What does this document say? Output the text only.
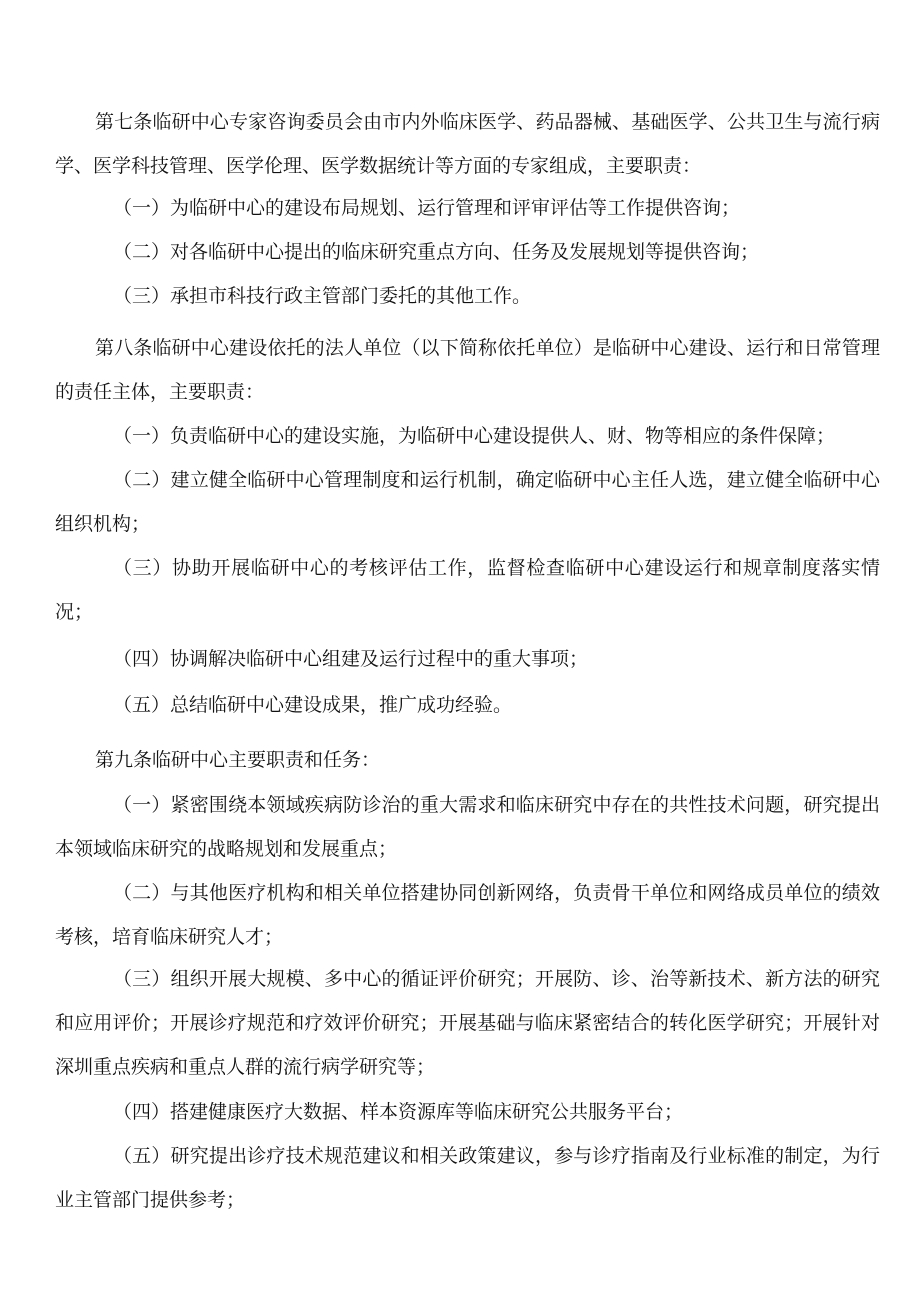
第七条临研中心专家咨询委员会由市内外临床医学、药品器械、基础医学、公共卫生与流行病学、医学科技管理、医学伦理、医学数据统计等方面的专家组成，主要职责：

（一）为临研中心的建设布局规划、运行管理和评审评估等工作提供咨询；

（二）对各临研中心提出的临床研究重点方向、任务及发展规划等提供咨询；

（三）承担市科技行政主管部门委托的其他工作。

第八条临研中心建设依托的法人单位（以下简称依托单位）是临研中心建设、运行和日常管理的责任主体，主要职责：

（一）负责临研中心的建设实施，为临研中心建设提供人、财、物等相应的条件保障；

（二）建立健全临研中心管理制度和运行机制，确定临研中心主任人选，建立健全临研中心组织机构；

（三）协助开展临研中心的考核评估工作，监督检查临研中心建设运行和规章制度落实情况；

（四）协调解决临研中心组建及运行过程中的重大事项；

（五）总结临研中心建设成果，推广成功经验。

第九条临研中心主要职责和任务：

（一）紧密围绕本领域疾病防诊治的重大需求和临床研究中存在的共性技术问题，研究提出本领域临床研究的战略规划和发展重点；

（二）与其他医疗机构和相关单位搭建协同创新网络，负责骨干单位和网络成员单位的绩效考核，培育临床研究人才；

（三）组织开展大规模、多中心的循证评价研究；开展防、诊、治等新技术、新方法的研究和应用评价；开展诊疗规范和疗效评价研究；开展基础与临床紧密结合的转化医学研究；开展针对深圳重点疾病和重点人群的流行病学研究等；

（四）搭建健康医疗大数据、样本资源库等临床研究公共服务平台；

（五）研究提出诊疗技术规范建议和相关政策建议，参与诊疗指南及行业标准的制定，为行业主管部门提供参考；
